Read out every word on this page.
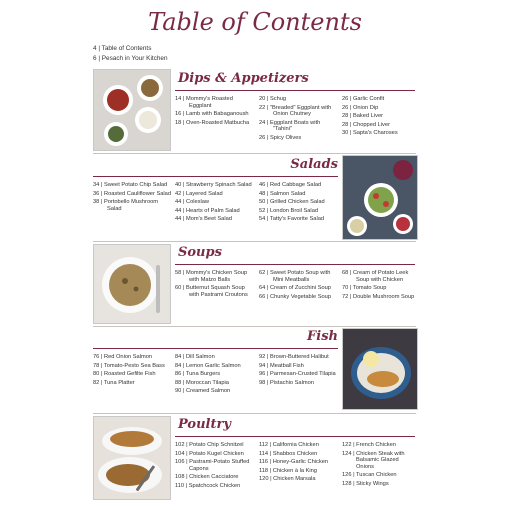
Table of Contents
4 | Table of Contents
6 | Pesach in Your Kitchen
Dips & Appetizers

14 | Mommy's Roasted Eggplant

16 | Lamb with Babaganoush

18 | Oven-Roasted Matbucha

20 | Schug

22 | "Breaded" Eggplant with Onion Chutney

24 | Eggplant Boats with "Tahini"

26 | Spicy Olives

26 | Garlic Confit

26 | Onion Dip

28 | Baked Liver

28 | Chopped Liver

30 | Sapta's Charoses

Salads

34 | Sweet Potato Chip Salad

36 | Roasted Cauliflower Salad

38 | Portobello Mushroom Salad

40 | Strawberry Spinach Salad

42 | Layered Salad

44 | Coleslaw

44 | Hearts of Palm Salad

44 | Mom's Beet Salad

46 | Red Cabbage Salad

48 | Salmon Salad

50 | Grilled Chicken Salad

52 | London Broil Salad

54 | Tatty's Favorite Salad

Soups

58 | Mommy's Chicken Soup with Matzo Balls

60 | Butternut Squash Soup with Pastrami Croutons

62 | Sweet Potato Soup with Mini Meatballs

64 | Cream of Zucchini Soup

66 | Chunky Vegetable Soup

68 | Cream of Potato Leek Soup with Chicken

70 | Tomato Soup

72 | Double Mushroom Soup

Fish

76 | Red Onion Salmon

78 | Tomato-Pesto Sea Bass

80 | Roasted Gefilte Fish

82 | Tuna Platter

84 | Dill Salmon

84 | Lemon Garlic Salmon

86 | Tuna Burgers

88 | Moroccan Tilapia

90 | Creamed Salmon

92 | Brown-Buttered Halibut

94 | Meatball Fish

96 | Parmesan-Crusted Tilapia

98 | Pistachio Salmon

Poultry

102 | Potato Chip Schnitzel

104 | Potato Kugel Chicken

106 | Pastrami-Potato Stuffed Capons

108 | Chicken Cacciatore

110 | Spatchcock Chicken

112 | California Chicken

114 | Shabbos Chicken

116 | Honey-Garlic Chicken

118 | Chicken à la King

120 | Chicken Marsala

122 | French Chicken

124 | Chicken Steak with Balsamic Glazed Onions

126 | Tuscan Chicken

128 | Sticky Wings
